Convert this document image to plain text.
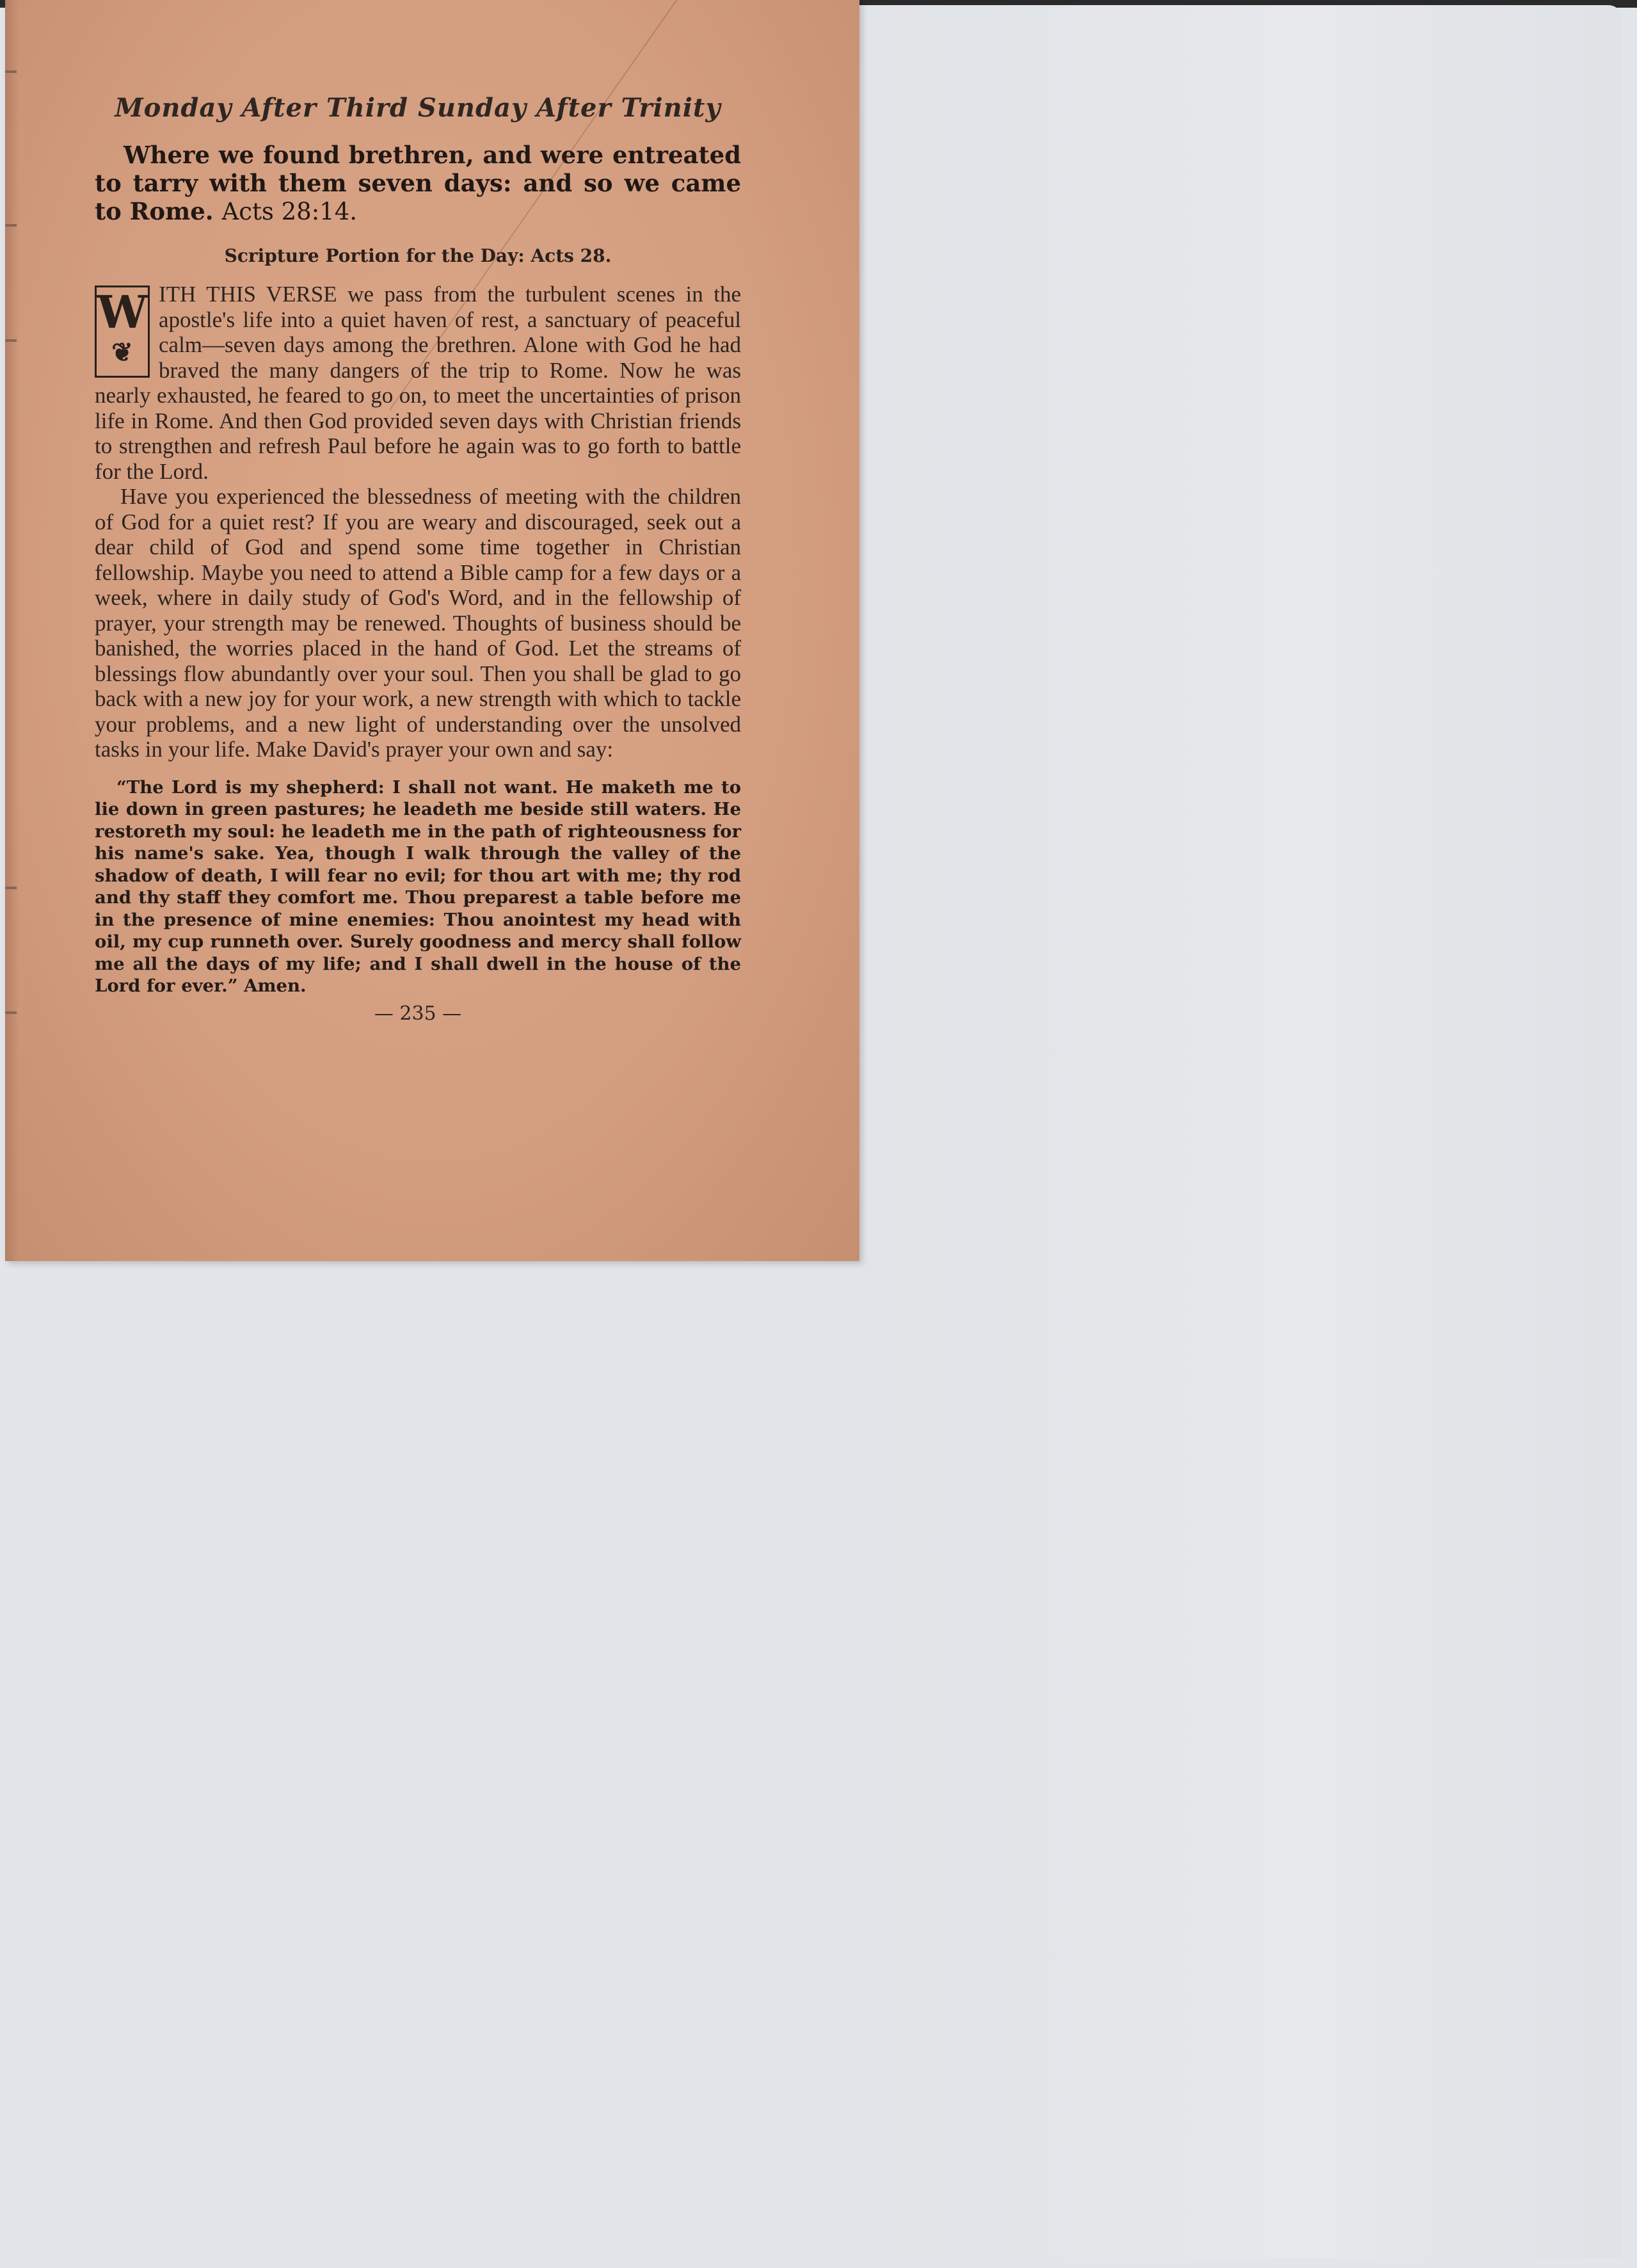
Monday After Third Sunday After Trinity

Where we found brethren, and were entreated to tarry with them seven days: and so we came to Rome. Acts 28:14.

Scripture Portion for the Day: Acts 28.

W
❦
ITH THIS VERSE we pass from the turbulent scenes in the apostle's life into a quiet haven of rest, a sanctuary of peaceful calm—seven days among the brethren. Alone with God he had braved the many dangers of the trip to Rome. Now he was nearly exhausted, he feared to go on, to meet the uncertainties of prison life in Rome. And then God provided seven days with Christian friends to strengthen and refresh Paul before he again was to go forth to battle for the Lord.

Have you experienced the blessedness of meeting with the children of God for a quiet rest? If you are weary and discouraged, seek out a dear child of God and spend some time together in Christian fellowship. Maybe you need to attend a Bible camp for a few days or a week, where in daily study of God's Word, and in the fellowship of prayer, your strength may be renewed. Thoughts of business should be banished, the worries placed in the hand of God. Let the streams of blessings flow abundantly over your soul. Then you shall be glad to go back with a new joy for your work, a new strength with which to tackle your problems, and a new light of understanding over the unsolved tasks in your life. Make David's prayer your own and say:

“The Lord is my shepherd: I shall not want. He maketh me to lie down in green pastures; he leadeth me beside still waters. He restoreth my soul: he leadeth me in the path of righteousness for his name's sake. Yea, though I walk through the valley of the shadow of death, I will fear no evil; for thou art with me; thy rod and thy staff they comfort me. Thou preparest a table before me in the presence of mine enemies: Thou anointest my head with oil, my cup runneth over. Surely goodness and mercy shall follow me all the days of my life; and I shall dwell in the house of the Lord for ever.” Amen.

— 235 —
